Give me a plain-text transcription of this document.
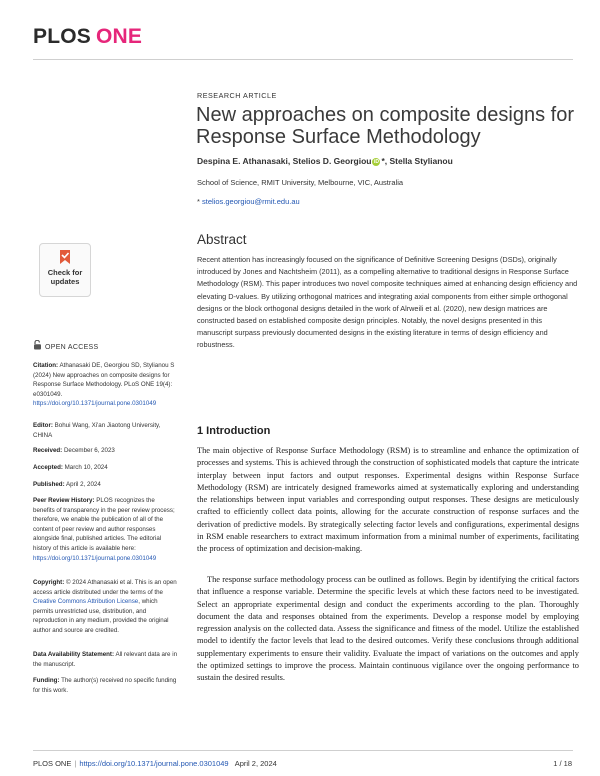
PLOS ONE
RESEARCH ARTICLE
New approaches on composite designs for Response Surface Methodology
Despina E. Athanasaki, Stelios D. Georgiou iD *, Stella Stylianou
School of Science, RMIT University, Melbourne, VIC, Australia
* stelios.georgiou@rmit.edu.au
Check for
updates
OPEN ACCESS
Citation: Athanasaki DE, Georgiou SD, Stylianou S (2024) New approaches on composite designs for Response Surface Methodology. PLoS ONE 19(4): e0301049. https://doi.org/10.1371/journal.pone.0301049
Editor: Bohui Wang, Xi'an Jiaotong University, CHINA
Received: December 6, 2023
Accepted: March 10, 2024
Published: April 2, 2024
Peer Review History: PLOS recognizes the benefits of transparency in the peer review process; therefore, we enable the publication of all of the content of peer review and author responses alongside final, published articles. The editorial history of this article is available here: https://doi.org/10.1371/journal.pone.0301049
Copyright: © 2024 Athanasaki et al. This is an open access article distributed under the terms of the Creative Commons Attribution License, which permits unrestricted use, distribution, and reproduction in any medium, provided the original author and source are credited.
Data Availability Statement: All relevant data are in the manuscript.
Funding: The author(s) received no specific funding for this work.
Abstract

Recent attention has increasingly focused on the significance of Definitive Screening Designs (DSDs), originally introduced by Jones and Nachtsheim (2011), as a compelling alternative to traditional designs in Response Surface Methodology (RSM). This paper introduces two novel composite techniques aimed at enhancing design efficiency and elevating D-values. By utilizing orthogonal matrices and integrating axial components from either simple orthogonal designs or the block orthogonal designs detailed in the work of Alrweili et al. (2020), new design matrices are constructed based on established composite design principles. Notably, the novel designs presented in this manuscript surpass previously documented designs in the existing literature in terms of design efficiency and robustness.

1 Introduction

The main objective of Response Surface Methodology (RSM) is to streamline and enhance the optimization of processes and systems. This is achieved through the construction of sophisticated models that capture the intricate interplay between input factors and output responses. Experimental designs within Response Surface Methodology (RSM) are intricately designed frameworks aimed at systematically exploring and understanding the relationships between input variables and corresponding output responses. These designs are meticulously crafted to efficiently collect data points, allowing for the accurate construction of response surfaces and the derivation of predictive models. By strategically selecting factor levels and configurations, experimental designs in RSM enable researchers to extract maximum information from a minimal number of experiments, facilitating the process of optimization and decision-making.

The response surface methodology process can be outlined as follows. Begin by identifying the critical factors that influence a response variable. Determine the specific levels at which these factors need to be investigated. Select an appropriate experimental design and conduct the experiments according to the plan. Thoroughly document the data and responses obtained from the experiments. Develop a response model by employing regression analysis on the collected data. Assess the significance and fitness of the model. Utilize the established model to identify the factor levels that lead to the desired outcomes. Verify these conclusions through additional supplementary experiments to ensure their validity. Evaluate the impact of variations on the outcomes and apply the optimized settings to improve the process. Maintain continuous vigilance over the ongoing performance to sustain the desired results.

PLOS ONE | https://doi.org/10.1371/journal.pone.0301049 April 2, 2024	1 / 18
